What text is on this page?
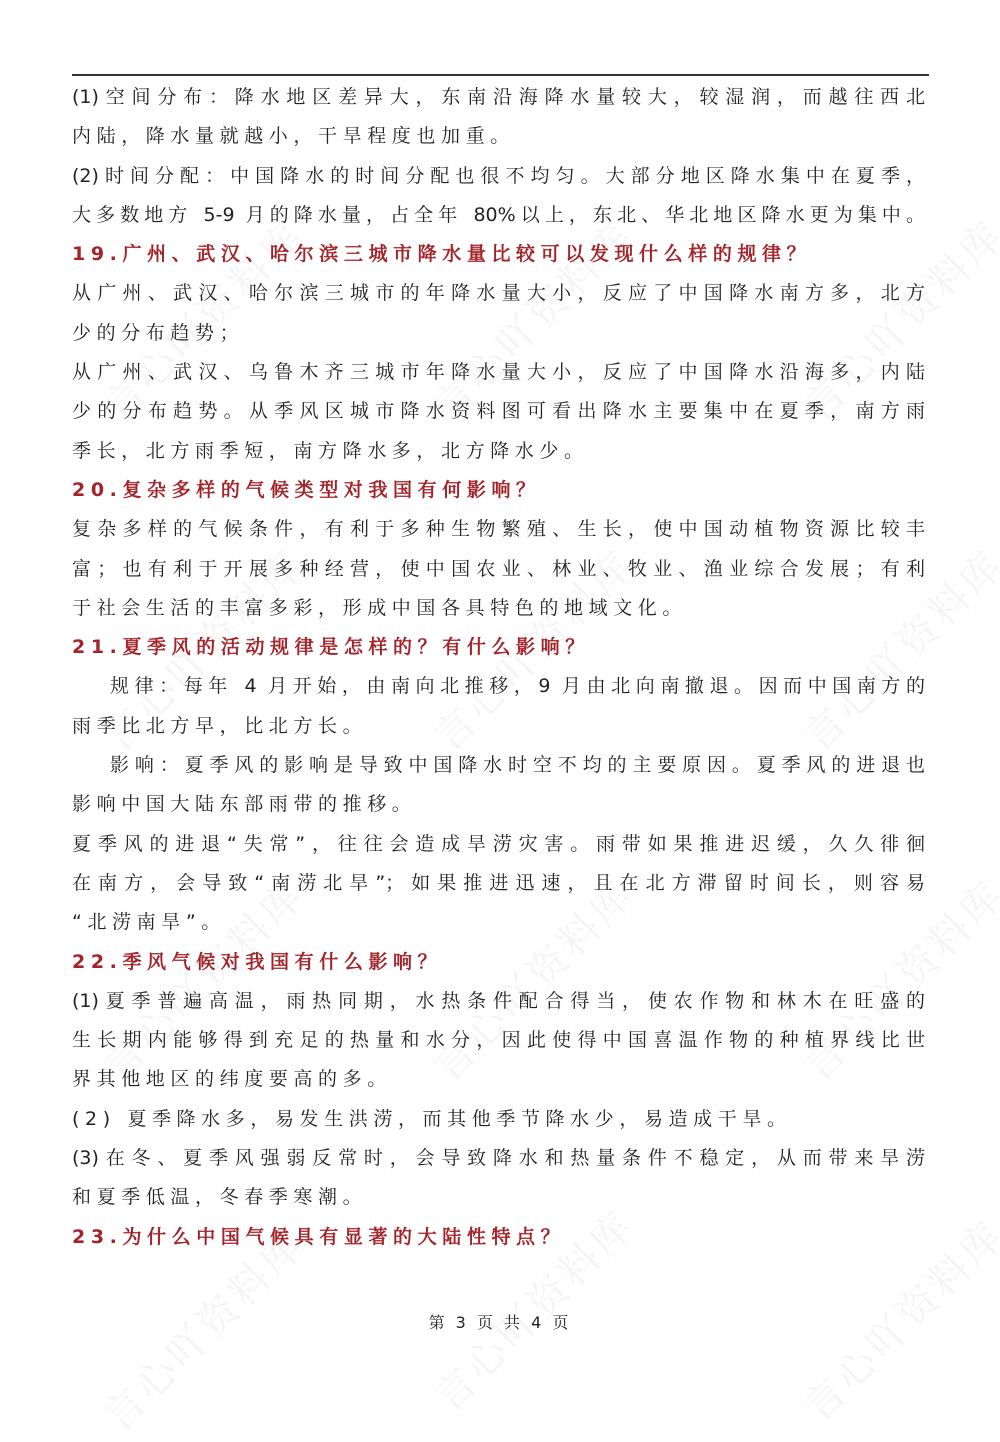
(1)空间分布：降水地区差异大，东南沿海降水量较大，较湿润，而越往西北
内陆，降水量就越小，干旱程度也加重。
(2)时间分配：中国降水的时间分配也很不均匀。大部分地区降水集中在夏季，
大多数地方 5-9 月的降水量，占全年 80%以上，东北、华北地区降水更为集中。
19.广州、武汉、哈尔滨三城市降水量比较可以发现什么样的规律？
从广州、武汉、哈尔滨三城市的年降水量大小，反应了中国降水南方多，北方
少的分布趋势；
从广州、武汉、乌鲁木齐三城市年降水量大小，反应了中国降水沿海多，内陆
少的分布趋势。从季风区城市降水资料图可看出降水主要集中在夏季，南方雨
季长，北方雨季短，南方降水多，北方降水少。
20.复杂多样的气候类型对我国有何影响？
复杂多样的气候条件，有利于多种生物繁殖、生长，使中国动植物资源比较丰
富；也有利于开展多种经营，使中国农业、林业、牧业、渔业综合发展；有利
于社会生活的丰富多彩，形成中国各具特色的地域文化。
21.夏季风的活动规律是怎样的？有什么影响？
规律：每年 4 月开始，由南向北推移，9 月由北向南撤退。因而中国南方的
雨季比北方早，比北方长。
影响：夏季风的影响是导致中国降水时空不均的主要原因。夏季风的进退也
影响中国大陆东部雨带的推移。
夏季风的进退“失常”，往往会造成旱涝灾害。雨带如果推进迟缓，久久徘徊
在南方，会导致“南涝北旱”；如果推进迅速，且在北方滞留时间长，则容易
“北涝南旱”。
22.季风气候对我国有什么影响？
(1)夏季普遍高温，雨热同期，水热条件配合得当，使农作物和林木在旺盛的
生长期内能够得到充足的热量和水分，因此使得中国喜温作物的种植界线比世
界其他地区的纬度要高的多。
(2) 夏季降水多，易发生洪涝，而其他季节降水少，易造成干旱。
(3)在冬、夏季风强弱反常时，会导致降水和热量条件不稳定，从而带来旱涝
和夏季低温，冬春季寒潮。
23.为什么中国气候具有显著的大陆性特点？
第 3 页 共 4 页
